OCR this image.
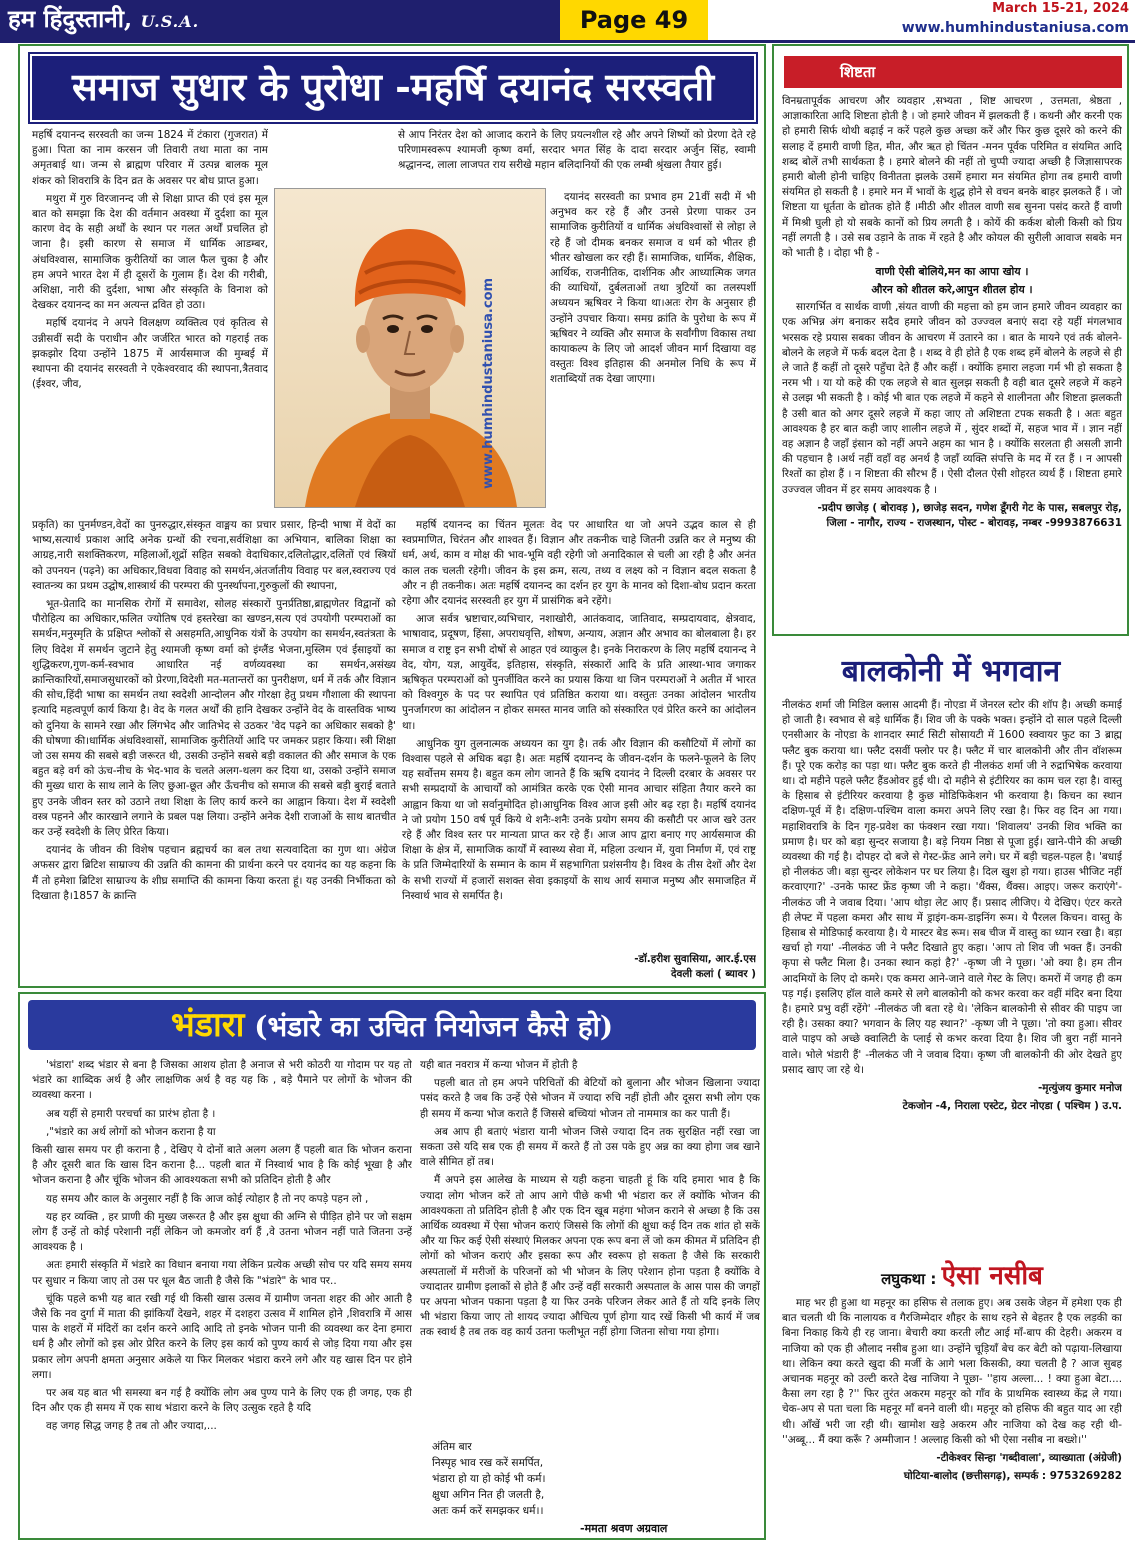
हम हिंदुस्तानी, U.S.A.	Page 49	March 15-21, 2024
www.humhindustaniusa.com
समाज सुधार के पुरोधा -महर्षि दयानंद सरस्वती

महर्षि दयानन्द सरस्वती का जन्म 1824 में टंकारा (गुजरात) में हुआ। पिता का नाम करसन जी तिवारी तथा माता का नाम अमृतबाई था। जन्म से ब्राह्मण परिवार में उत्पन्न बालक मूल शंकर को शिवरात्रि के दिन व्रत के अवसर पर बोध प्राप्त हुआ।

मथुरा में गुरु विरजानन्द जी से शिक्षा प्राप्त की एवं इस मूल बात को समझा कि देश की वर्तमान अवस्था में दुर्दशा का मूल कारण वेद के सही अर्थों के स्थान पर गलत अर्थों प्रचलित हो जाना है। इसी कारण से समाज में धार्मिक आडम्बर, अंधविश्वास, सामाजिक कुरीतियों का जाल फैल चुका है और हम अपने भारत देश में ही दूसरों के गुलाम हैं। देश की गरीबी, अशिक्षा, नारी की दुर्दशा, भाषा और संस्कृति के विनाश को देखकर दयानन्द का मन अत्यन्त द्रवित हो उठा।

महर्षि दयानंद ने अपने विलक्षण व्यक्तित्व एवं कृतित्व से उन्नीसवीं सदी के पराधीन और जर्जरित भारत को गहराई तक झकझोर दिया उन्होंने 1875 में आर्यसमाज की मुम्बई में स्थापना की दयानंद सरस्वती ने एकेश्वरवाद की स्थापना,त्रैतवाद (ईश्वर, जीव,	www.humhindustaniusa.com

से आप निरंतर देश को आजाद कराने के लिए प्रयत्नशील रहे और अपने शिष्यों को प्रेरणा देते रहे परिणामस्वरूप श्यामजी कृष्ण वर्मा, सरदार भगत सिंह के दादा सरदार अर्जुन सिंह, स्वामी श्रद्धानन्द, लाला लाजपत राय सरीखे महान बलिदानियों की एक लम्बी श्रृंखला तैयार हुई।

दयानंद सरस्वती का प्रभाव हम 21वीं सदी में भी अनुभव कर रहे हैं और उनसे प्रेरणा पाकर उन सामाजिक कुरीतियों व धार्मिक अंधविश्वासों से लोहा ले रहे हैं जो दीमक बनकर समाज व धर्म को भीतर ही भीतर खोखला कर रही हैं। सामाजिक, धार्मिक, शैक्षिक, आर्थिक, राजनीतिक, दार्शनिक और आध्यात्मिक जगत की व्याधियों, दुर्बलताओं तथा त्रुटियों का तलस्पर्शी अध्ययन ऋषिवर ने किया था।अतः रोग के अनुसार ही उन्होंने उपचार किया। समग्र क्रांति के पुरोधा के रूप में ऋषिवर ने व्यक्ति और समाज के सर्वांगीण विकास तथा कायाकल्प के लिए जो आदर्श जीवन मार्ग दिखाया वह वस्तुतः विश्व इतिहास की अनमोल निधि के रूप में शताब्दियों तक देखा जाएगा।

प्रकृति) का पुनर्मण्डन,वेदों का पुनरुद्धार,संस्कृत वाङ्मय का प्रचार प्रसार, हिन्दी भाषा में वेदों का भाष्य,सत्यार्थ प्रकाश आदि अनेक ग्रन्थों की रचना,सर्वशिक्षा का अभियान, बालिका शिक्षा का आग्रह,नारी सशक्तिकरण, महिलाओं,शूद्रों सहित सबको वेदाधिकार,दलितोद्धार,दलितों एवं स्त्रियों को उपनयन (पढ़ने) का अधिकार,विधवा विवाह को समर्थन,अंतर्जातीय विवाह पर बल,स्वराज्य एवं स्वातन्त्र्य का प्रथम उद्घोष,शास्त्रार्थ की परम्परा की पुनर्स्थापना,गुरुकुलों की स्थापना,

भूत-प्रेतादि का मानसिक रोगों में समावेश, सोलह संस्कारों पुनर्प्रतिष्ठा,ब्राह्मणेतर विद्वानों को पौरोहित्य का अधिकार,फलित ज्योतिष एवं हस्तरेखा का खण्डन,सत्य एवं उपयोगी परम्पराओं का समर्थन,मनुस्मृति के प्रक्षिप्त श्लोकों से असहमति,आधुनिक यंत्रों के उपयोग का समर्थन,स्वतंत्रता के लिए विदेश में समर्थन जुटाने हेतु श्यामजी कृष्ण वर्मा को इंग्लैंड भेजना,मुस्लिम एवं ईसाइयों का शुद्धिकरण,गुण-कर्म-स्वभाव आधारित नई वर्णव्यवस्था का समर्थन,असंख्य क्रान्तिकारियों,समाजसुधारकों को प्रेरणा,विदेशी मत-मतान्तरों का पुनरीक्षण, धर्म में तर्क और विज्ञान की सोच,हिंदी भाषा का समर्थन तथा स्वदेशी आन्दोलन और गोरक्षा हेतु प्रथम गौशाला की स्थापना इत्यादि महत्वपूर्ण कार्य किया है। वेद के गलत अर्थों की हानि देखकर उन्होंने वेद के वास्तविक भाष्य को दुनिया के सामने रखा और लिंगभेद और जातिभेद से उठकर 'वेद पढ़ने का अधिकार सबको है' की घोषणा की।धार्मिक अंधविश्वासों, सामाजिक कुरीतियों आदि पर जमकर प्रहार किया। स्त्री शिक्षा जो उस समय की सबसे बड़ी जरूरत थी, उसकी उन्होंने सबसे बड़ी वकालत की और समाज के एक बहुत बड़े वर्ग को ऊंच-नीच के भेद-भाव के चलते अलग-थलग कर दिया था, उसको उन्होंने समाज की मुख्य धारा के साथ लाने के लिए छुआ-छूत और ऊँचनीच को समाज की सबसे बड़ी बुराई बताते हुए उनके जीवन स्तर को उठाने तथा शिक्षा के लिए कार्य करने का आह्वान किया। देश में स्वदेशी वस्त्र पहनने और कारखाने लगाने के प्रबल पक्ष लिया। उन्होंने अनेक देशी राजाओं के साथ बातचीत कर उन्हें स्वदेशी के लिए प्रेरित किया।

दयानंद के जीवन की विशेष पहचान ब्रह्मचर्य का बल तथा सत्यवादिता का गुण था। अंग्रेज अफसर द्वारा ब्रिटिश साम्राज्य की उन्नति की कामना की प्रार्थना करने पर दयानंद का यह कहना कि मैं तो हमेशा ब्रिटिश साम्राज्य के शीघ्र समाप्ति की कामना किया करता हूं। यह उनकी निर्भीकता को दिखाता है।1857 के क्रान्ति

महर्षि दयानन्द का चिंतन मूलतः वेद पर आधारित था जो अपने उद्भव काल से ही स्वप्रमाणित, चिरंतन और शाश्वत हैं। विज्ञान और तकनीक चाहे जितनी उन्नति कर ले मनुष्य की धर्म, अर्थ, काम व मोक्ष की भाव-भूमि वही रहेगी जो अनादिकाल से चली आ रही है और अनंत काल तक चलती रहेगी। जीवन के इस क्रम, सत्य, तथ्य व लक्ष्य को न विज्ञान बदल सकता है और न ही तकनीक। अतः महर्षि दयानन्द का दर्शन हर युग के मानव को दिशा-बोध प्रदान करता रहेगा और दयानंद सरस्वती हर युग में प्रासंगिक बने रहेंगे।

आज सर्वत्र भ्रष्टाचार,व्यभिचार, नशाखोरी, आतंकवाद, जातिवाद, सम्प्रदायवाद, क्षेत्रवाद, भाषावाद, प्रदूषण, हिंसा, अपराधवृत्ति, शोषण, अन्याय, अज्ञान और अभाव का बोलबाला है। हर समाज व राष्ट्र इन सभी दोषों से आहत एवं व्याकुल है। इनके निराकरण के लिए महर्षि दयानन्द ने वेद, योग, यज्ञ, आयुर्वेद, इतिहास, संस्कृति, संस्कारों आदि के प्रति आस्था-भाव जगाकर ऋषिकृत परम्पराओं को पुनर्जीवित करने का प्रयास किया था जिन परम्पराओं ने अतीत में भारत को विश्वगुरु के पद पर स्थापित एवं प्रतिष्ठित कराया था। वस्तुतः उनका आंदोलन भारतीय पुनर्जागरण का आंदोलन न होकर समस्त मानव जाति को संस्कारित एवं प्रेरित करने का आंदोलन था।

आधुनिक युग तुलनात्मक अध्ययन का युग है। तर्क और विज्ञान की कसौटियों में लोगों का विश्वास पहले से अधिक बढ़ा है। अतः महर्षि दयानन्द के जीवन-दर्शन के फलने-फूलने के लिए यह सर्वोत्तम समय है। बहुत कम लोग जानते हैं कि ऋषि दयानंद ने दिल्ली दरबार के अवसर पर सभी सम्प्रदायों के आचार्यों को आमंत्रित करके एक ऐसी मानव आचार संहिता तैयार करने का आह्वान किया था जो सर्वानुमोदित हो।आधुनिक विश्व आज इसी ओर बढ़ रहा है। महर्षि दयानंद ने जो प्रयोग 150 वर्ष पूर्व किये थे शनैः-शनैः उनके प्रयोग समय की कसौटी पर आज खरे उतर रहे हैं और विश्व स्तर पर मान्यता प्राप्त कर रहे हैं। आज आप द्वारा बनाए गए आर्यसमाज की शिक्षा के क्षेत्र में, सामाजिक कार्यों में स्वास्थ्य सेवा में, महिला उत्थान में, युवा निर्माण में, एवं राष्ट्र के प्रति जिम्मेदारियों के सम्मान के काम में सहभागिता प्रशंसनीय है। विश्व के तीस देशों और देश के सभी राज्यों में हजारों सशक्त सेवा इकाइयों के साथ आर्य समाज मनुष्य और समाजहित में निस्वार्थ भाव से समर्पित है।

-डॉ.हरीश सुवासिया, आर.ई.एस
देवली कलां ( ब्यावर )
भंडारा (भंडारे का उचित नियोजन कैसे हो)

'भंडारा' शब्द भंडार से बना है जिसका आशय होता है अनाज से भरी कोठरी या गोदाम पर यह तो भंडारे का शाब्दिक अर्थ है और लाक्षणिक अर्थ है वह यह कि , बड़े पैमाने पर लोगों के भोजन की व्यवस्था करना ।

अब यहीं से हमारी परचर्चा का प्रारंभ होता है ।

,"भंडारे का अर्थ लोगों को भोजन कराना है या

किसी खास समय पर ही कराना है , देखिए ये दोनों बाते अलग अलग हैं पहली बात कि भोजन कराना है और दूसरी बात कि खास दिन कराना है... पहली बात में निस्वार्थ भाव है कि कोई भूखा है और भोजन कराना है और चूंकि भोजन की आवश्यकता सभी को प्रतिदिन होती है और

यह समय और काल के अनुसार नहीं है कि आज कोई त्योहार है तो नए कपड़े पहन लो ,

यह हर व्यक्ति , हर प्राणी की मुख्य जरूरत है और इस क्षुधा की अग्नि से पीड़ित होने पर जो सक्षम लोग हैं उन्हें तो कोई परेशानी नहीं लेकिन जो कमजोर वर्ग हैं ,वे उतना भोजन नहीं पाते जितना उन्हें आवश्यक है ।

अतः हमारी संस्कृति में भंडारे का विधान बनाया गया लेकिन प्रत्येक अच्छी सोच पर यदि समय समय पर सुधार न किया जाए तो उस पर धूल बैठ जाती है जैसे कि "भंडारे" के भाव पर..

चूंकि पहले कभी यह बात रखी गई थी किसी खास उत्सव में ग्रामीण जनता शहर की ओर आती है जैसे कि नव दुर्गा में माता की झांकियाँ देखने, शहर में दशहरा उत्सव में शामिल होने ,शिवरात्रि में आस पास के शहरों में मंदिरों का दर्शन करने आदि आदि तो इनके भोजन पानी की व्यवस्था कर देना हमारा धर्म है और लोगों को इस ओर प्रेरित करने के लिए इस कार्य को पुण्य कार्य से जोड़ दिया गया और इस प्रकार लोग अपनी क्षमता अनुसार अकेले या फिर मिलकर भंडारा करने लगे और यह खास दिन पर होने लगा।

पर अब यह बात भी समस्या बन गई है क्योंकि लोग अब पुण्य पाने के लिए एक ही जगह, एक ही दिन और एक ही समय में एक साथ भंडारा करने के लिए उत्सुक रहते है यदि

वह जगह सिद्ध जगह है तब तो और ज्यादा,...

यही बात नवरात्र में कन्या भोजन में होती है

पहली बात तो हम अपने परिचितों की बेटियों को बुलाना और भोजन खिलाना ज्यादा पसंद करते है जब कि उन्हें ऐसे भोजन में ज्यादा रुचि नहीं होती और दूसरा सभी लोग एक ही समय में कन्या भोज कराते हैं जिससे बच्चियां भोजन तो नाममात्र का कर पाती हैं।

अब आप ही बताएं भंडारा यानी भोजन जिसे ज्यादा दिन तक सुरक्षित नहीं रखा जा सकता उसे यदि सब एक ही समय में करते हैं तो उस पके हुए अन्न का क्या होगा जब खाने वाले सीमित हों तब।

मैं अपने इस आलेख के माध्यम से यही कहना चाहती हूं कि यदि हमारा भाव है कि ज्यादा लोग भोजन करें तो आप आगे पीछे कभी भी भंडारा कर लें क्योंकि भोजन की आवश्यकता तो प्रतिदिन होती है और एक दिन खूब महंगा भोजन कराने से अच्छा है कि उस आर्थिक व्यवस्था में ऐसा भोजन कराएं जिससे कि लोगों की क्षुधा कई दिन तक शांत हो सकें और या फिर कई ऐसी संस्थाएं मिलकर अपना एक रूप बना लें जो कम कीमत में प्रतिदिन ही लोगों को भोजन कराएं और इसका रूप और स्वरूप हो सकता है जैसे कि सरकारी अस्पतालों में मरीजों के परिजनों को भी भोजन के लिए परेशान होना पड़ता है क्योंकि वे ज्यादातर ग्रामीण इलाकों से होते हैं और उन्हें वहीं सरकारी अस्पताल के आस पास की जगहों पर अपना भोजन पकाना पड़ता है या फिर उनके परिजन लेकर आते हैं तो यदि इनके लिए भी भंडारा किया जाए तो शायद ज्यादा औचित्य पूर्ण होगा याद रखें किसी भी कार्य में जब तक स्वार्थ है तब तक वह कार्य उतना फलीभूत नहीं होगा जितना सोचा गया होगा।

अंतिम बार
निस्पृह भाव रख करें समर्पित,
भंडारा हो या हो कोई भी कर्म।
क्षुधा अगिन नित ही जलती है,
अतः कर्म करें समझकर धर्म।।
-ममता श्रवण अग्रवाल
शिष्टता

विनम्रतापूर्वक आचरण और व्यवहार ,सभ्यता , शिष्ट आचरण , उत्तमता, श्रेष्ठता , आज्ञाकारिता आदि शिष्टता होती है । जो हमारे जीवन में झलकती हैं । कथनी और करनी एक हो हमारी सिर्फ थोथी बढ़ाई न करें पहले कुछ अच्छा करें और फिर कुछ दूसरे को करने की सलाह दें हमारी वाणी हित, मीत, और ऋत हो चिंतन -मनन पूर्वक परिमित व संयमित आदि शब्द बोलें तभी सार्थकता है । हमारे बोलने की नहीं तो चुप्पी ज्यादा अच्छी है जिज्ञासापरक हमारी बोली होनी चाहिए विनीतता झलके उसमें हमारा मन संयमित होगा तब हमारी वाणी संयमित हो सकती है । हमारे मन में भावों के शुद्ध होने से वचन बनके बाहर झलकते हैं । जो शिष्टता या धूर्तता के द्योतक होते हैं ।मीठी और शीतल वाणी सब सुनना पसंद करते हैं वाणी में मिश्री घुली हो यो सबके कानों को प्रिय लगती है । कोयें की कर्कश बोली किसी को प्रिय नहीं लगती है । उसे सब उड़ाने के ताक में रहते है और कोयल की सुरीली आवाज सबके मन को भाती है । दोहा भी है -

वाणी ऐसी बोलिये,मन का आपा खोय ।
औरन को शीतल करे,आपुन शीतल होय ।

सारगर्भित व सार्थक वाणी ,संयत वाणी की महत्ता को हम जान हमारे जीवन व्यवहार का एक अभिन्न अंग बनाकर सदैव हमारे जीवन को उज्ज्वल बनाएं सदा रहे यहीं मंगलभाव भरसक रहे प्रयास सबका जीवन के आचरण में उतारने का । बात के मायने एवं तर्क बोलने-बोलने के लहजे में फर्क बदल देता है । शब्द वे ही होते है एक शब्द हमें बोलने के लहजे से ही ले जाते हैं कहीं तो दूसरे पहुँचा देते हैं और कहीं । क्योंकि हमारा लहजा गर्म भी हो सकता है नरम भी । या यो कहे की एक लहजे से बात सुलझ सकती है वही बात दूसरे लहजे में कहने से उलझ भी सकती है । कोई भी बात एक लहजे में कहने से शालीनता और शिष्टता झलकती है उसी बात को अगर दूसरे लहजे में कहा जाए तो अशिष्टता टपक सकती है । अतः बहुत आवश्यक है हर बात कही जाए शालीन लहजे में , सुंदर शब्दों में, सहज भाव में । ज्ञान नहीं वह अज्ञान है जहाँ इंसान को नहीं अपने अहम का भान है । क्योंकि सरलता ही असली ज्ञानी की पहचान है ।अर्थ नहीं वहाँ वह अनर्थ है जहाँ व्यक्ति संपत्ति के मद में रत हैं । न आपसी रिश्तों का होश हैं । न शिष्टता की सौरभ हैं । ऐसी दौलत ऐसी शोहरत व्यर्थ हैं । शिष्टता हमारे उज्ज्वल जीवन में हर समय आवश्यक है ।

-प्रदीप छाजेड़ ( बोरावड़ ), छाजेड़ सदन, गणेश डूँगरी गेट के पास, सबलपुर रोड़, जिला - नागौर, राज्य - राजस्थान, पोस्ट - बोरावड़, नम्बर -9993876631

बालकोनी में भगवान

नीलकंठ शर्मा जी मिडिल क्लास आदमी हैं। नोएडा में जेनरल स्टोर की शॉप है। अच्छी कमाई हो जाती है। स्वभाव से बड़े धार्मिक हैं। शिव जी के पक्के भक्त। इन्होंने दो साल पहले दिल्ली एनसीआर के नोएडा के शानदार स्मार्ट सिटी सोसायटी में 1600 स्क्वायर फुट का 3 ब्राह्म फ्लैट बुक कराया था। फ्लैट दसवीं फ्लोर पर है। फ्लैट में चार बालकोनी और तीन वॉशरूम हैं। पूरे एक करोड़ का पड़ा था। फ्लैट बुक करते ही नीलकंठ शर्मा जी ने रुद्राभिषेक करवाया था। दो महीने पहले फ्लैट हैंडओवर हुई थी। दो महीने से इंटीरियर का काम चल रहा है। वास्तु के हिसाब से इंटीरियर करवाया है कुछ मोडिफिकेशन भी करवाया है। किचन का स्थान दक्षिण-पूर्व में है। दक्षिण-पश्चिम वाला कमरा अपने लिए रखा है। फिर वह दिन आ गया। महाशिवरात्रि के दिन गृह-प्रवेश का फंक्शन रखा गया। 'शिवालय' उनकी शिव भक्ति का प्रमाण है। घर को बड़ा सुन्दर सजाया है। बड़े नियम निष्ठा से पूजा हुई। खाने-पीने की अच्छी व्यवस्था की गई है। दोपहर दो बजे से गेस्ट-फ्रेंड आने लगे। घर में बड़ी चहल-पहल है। 'बधाई हो नीलकंठ जी। बड़ा सुन्दर लोकेशन पर घर लिया है। दिल खुश हो गया। हाउस भीजिट नहीं करवाएगा?' -उनके फास्ट फ्रेंड कृष्ण जी ने कहा। 'थैंक्स, थैंक्स। आइए। जरूर कराएंगे'- नीलकंठ जी ने जवाब दिया। 'आप थोड़ा लेट आए हैं। प्रसाद लीजिए। ये देखिए। एंटर करते ही लेफ्ट में पहला कमरा और साथ में ड्राइंग-कम-डाइनिंग रूम। ये पैरलल किचन। वास्तु के हिसाब से मोडिफाई करवाया है। ये मास्टर बेड रूम। सब चीज में वास्तु का ध्यान रखा है। बड़ा खर्चा हो गया' -नीलकंठ जी ने फ्लैट दिखाते हुए कहा। 'आप तो शिव जी भक्त हैं। उनकी कृपा से फ्लैट मिला है। उनका स्थान कहां है?' -कृष्ण जी ने पूछा। 'ओ क्या है। हम तीन आदमियों के लिए दो कमरे। एक कमरा आने-जाने वाले गेस्ट के लिए। कमरों में जगह ही कम पड़ गई। इसलिए हॉल वाले कमरे से लगे बालकोनी को कभर करवा कर वहीं मंदिर बना दिया है। हमारे प्रभु वहीं रहेंगे' -नीलकंठ जी बता रहे थे। 'लेकिन बालकोनी से सीवर की पाइप जा रही है। उसका क्या? भगवान के लिए यह स्थान?' -कृष्ण जी ने पूछा। 'तो क्या हुआ। सीवर वाले पाइप को अच्छे क्वालिटी के प्लाई से कभर करवा दिया है। शिव जी बुरा नहीं मानने वाले। भोले भंडारी हैं' -नीलकंठ जी ने जवाब दिया। कृष्ण जी बालकोनी की ओर देखते हुए प्रसाद खाए जा रहे थे।

-मृत्युंजय कुमार मनोज

टेकजोन -4, निराला एस्टेट, ग्रेटर नोएडा ( पश्चिम ) उ.प.

लघुकथा : ऐसा नसीब

माह भर ही हुआ था महनूर का हसिफ से तलाक हुए। अब उसके जेहन में हमेशा एक ही बात चलती थी कि नालायक व गैरजिम्मेदार शौहर के साथ रहने से बेहतर है एक लड़की का बिना निकाह किये ही रह जाना। बेचारी क्या करती लौट आई माँ-बाप की देहरी। अकरम व नाजिया को एक ही औलाद नसीब हुआ था। उन्होंने चूड़ियाँ बेच कर बेटी को पढ़ाया-लिखाया था। लेकिन क्या करते खुदा की मर्जी के आगे भला किसकी, क्या चलती है ? आज सुबह अचानक महनूर को उल्टी करते देख नाजिया ने पूछा- ''हाय अल्ला... ! क्या हुआ बेटा.... कैसा लग रहा है ?'' फिर तुरंत अकरम महनूर को गाँव के प्राथमिक स्वास्थ्य केंद्र ले गया। चेक-अप से पता चला कि महनूर माँ बनने वाली थी। महनूर को हसिफ की बहुत याद आ रही थी। आँखें भरी जा रही थी। खामोश खड़े अकरम और नाजिया को देख कह रही थी- ''अब्बू... मैं क्या करूँ ? अम्मीजान ! अल्लाह किसी को भी ऐसा नसीब ना बख्शे।''

-टीकेश्वर सिन्हा 'गब्दीवाला', व्याख्याता (अंग्रेजी)

घोटिया-बालोद (छत्तीसगढ़), सम्पर्क : 9753269282
